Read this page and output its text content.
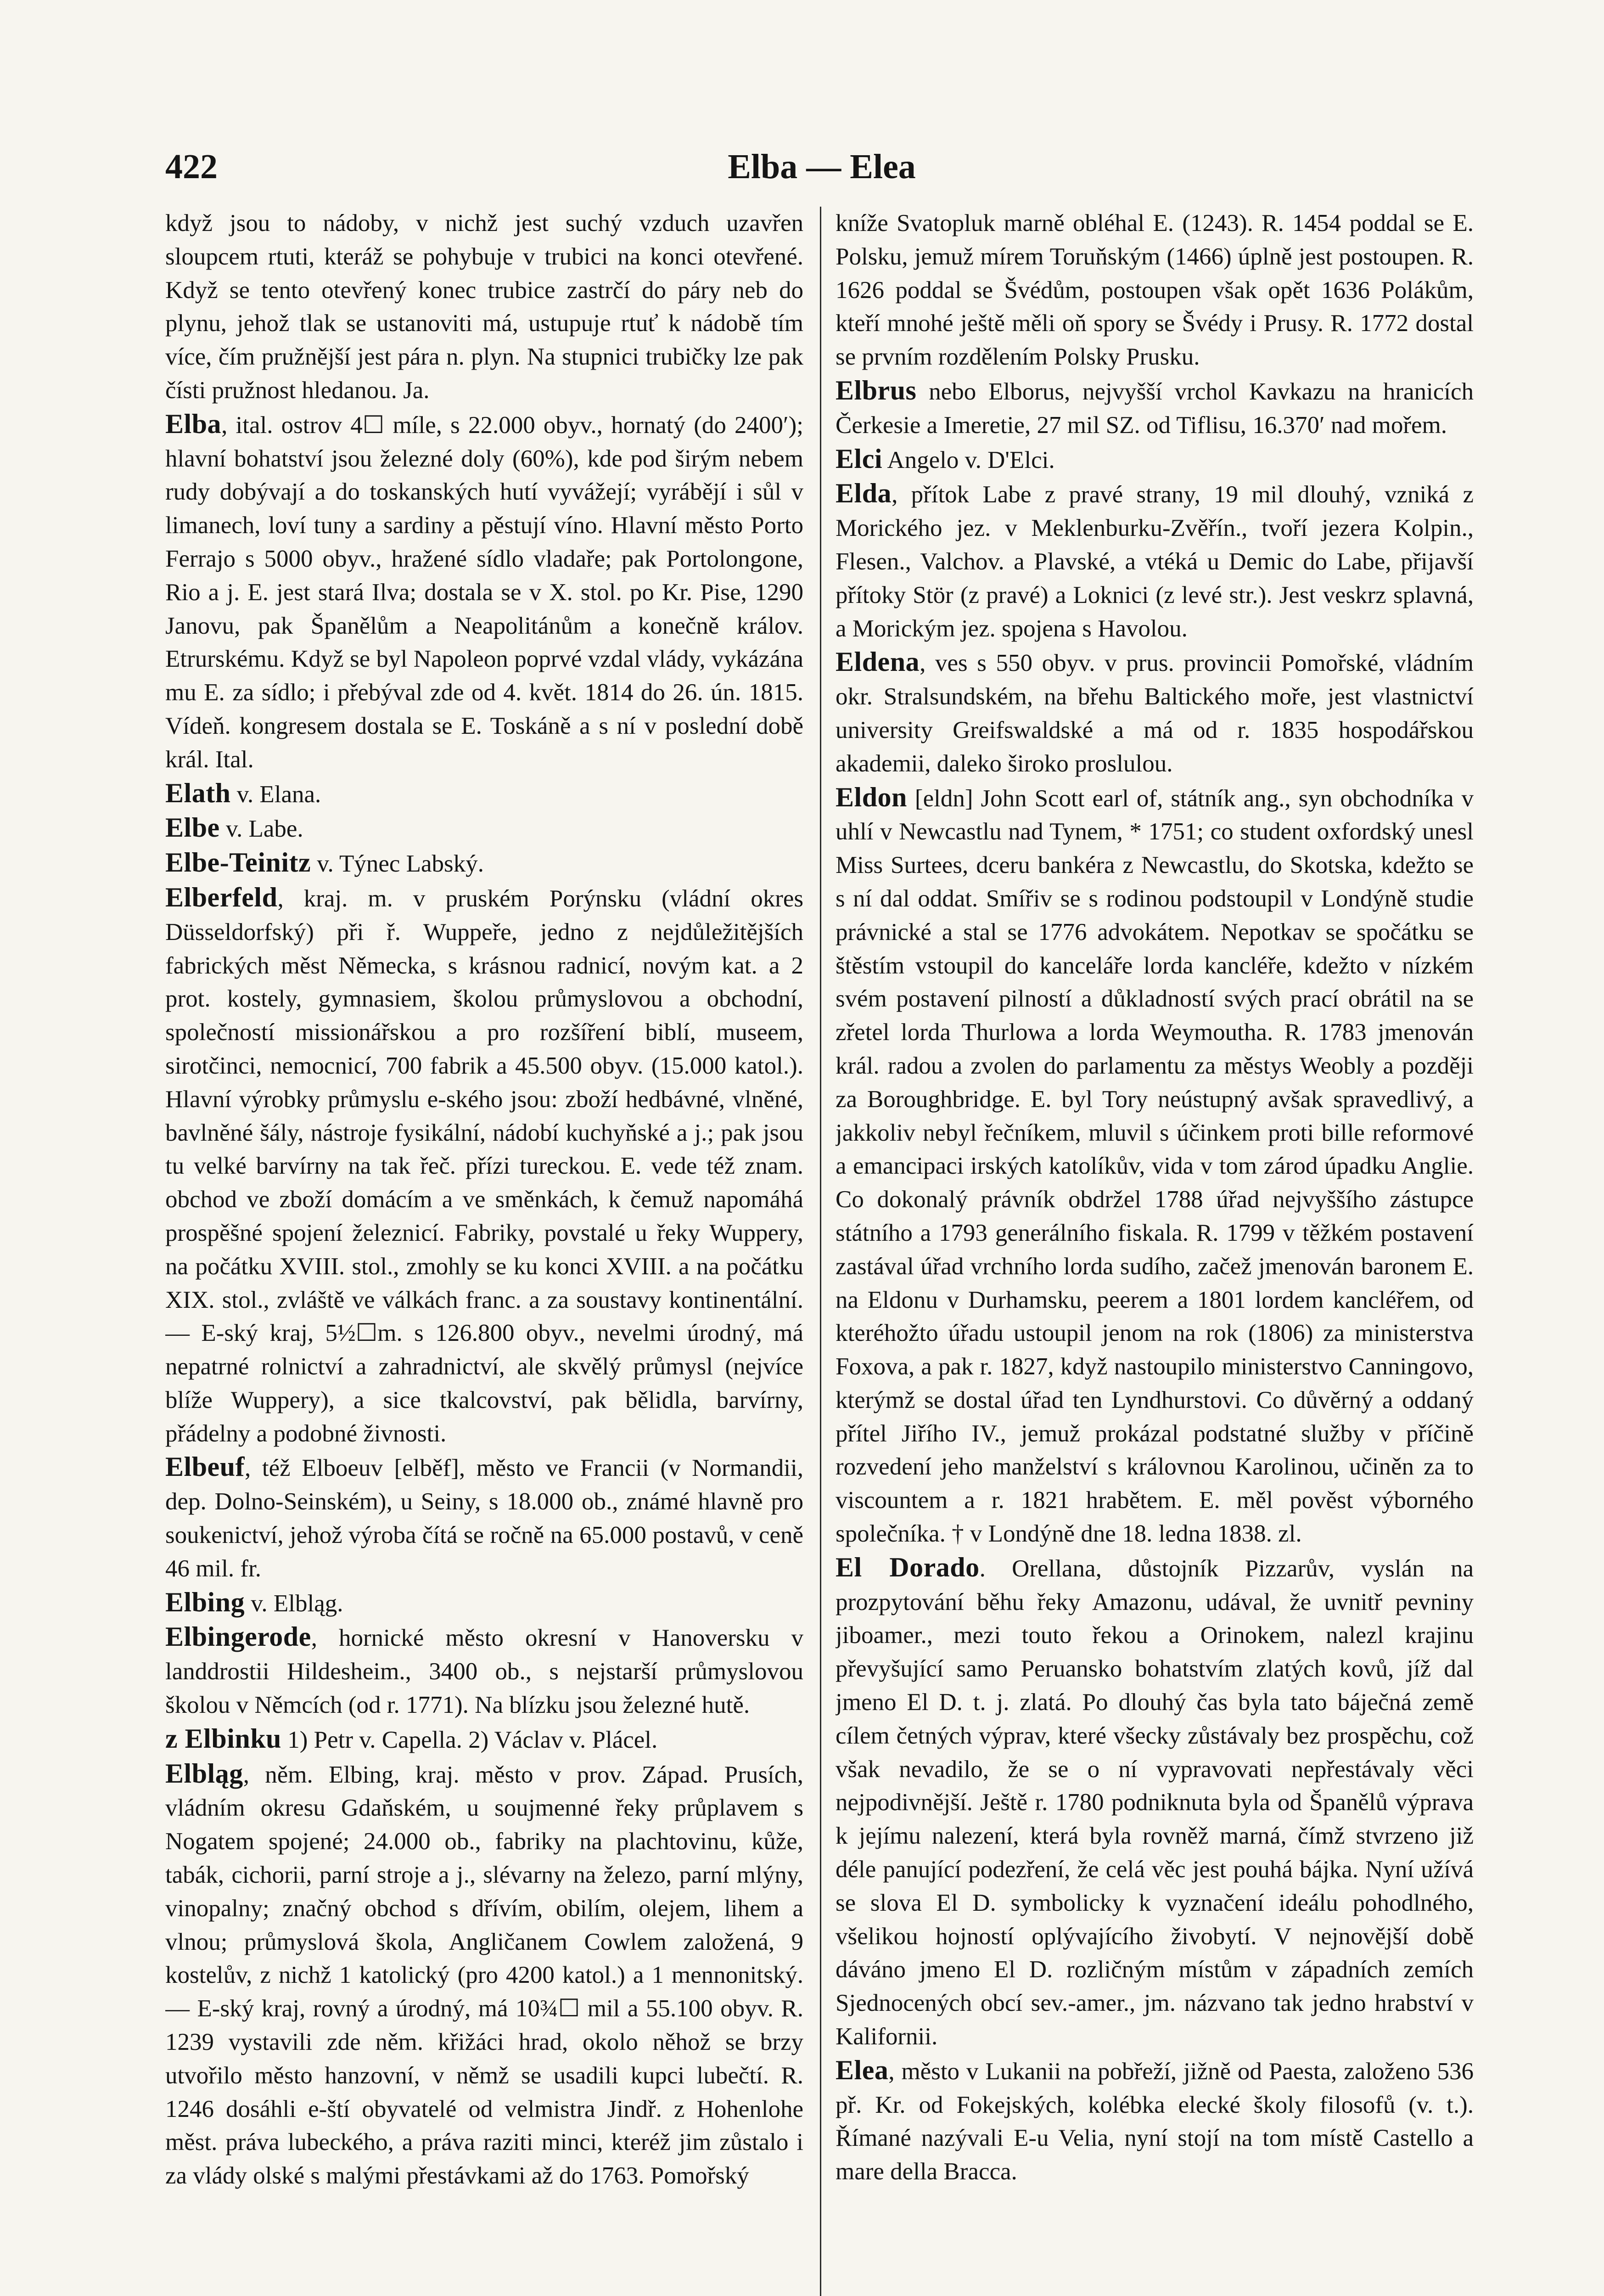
422	Elba — Elea

když jsou to nádoby, v nichž jest suchý vzduch uzavřen sloupcem rtuti, kteráž se pohybuje v trubici na konci otevřené. Když se tento otevřený konec trubice zastrčí do páry neb do plynu, jehož tlak se ustanoviti má, ustupuje rtuť k nádobě tím více, čím pružnější jest pára n. plyn. Na stupnici trubičky lze pak čísti pružnost hledanou. Ja.

Elba, ital. ostrov 4☐ míle, s 22.000 obyv., hornatý (do 2400′); hlavní bohatství jsou železné doly (60%), kde pod širým nebem rudy dobývají a do toskanských hutí vyvážejí; vyrábějí i sůl v limanech, loví tuny a sardiny a pěstují víno. Hlavní město Porto Ferrajo s 5000 obyv., hražené sídlo vladaře; pak Portolongone, Rio a j. E. jest stará Ilva; dostala se v X. stol. po Kr. Pise, 1290 Janovu, pak Španělům a Neapolitánům a konečně králov. Etrurskému. Když se byl Napoleon poprvé vzdal vlády, vykázána mu E. za sídlo; i přebýval zde od 4. květ. 1814 do 26. ún. 1815. Vídeň. kongresem dostala se E. Toskáně a s ní v poslední době král. Ital.

Elath v. Elana.

Elbe v. Labe.

Elbe-Teinitz v. Týnec Labský.

Elberfeld, kraj. m. v pruském Porýnsku (vládní okres Düsseldorfský) při ř. Wuppeře, jedno z nejdůležitějších fabrických měst Německa, s krásnou radnicí, novým kat. a 2 prot. kostely, gymnasiem, školou průmyslovou a obchodní, společností missionářskou a pro rozšíření biblí, museem, sirotčinci, nemocnicí, 700 fabrik a 45.500 obyv. (15.000 katol.). Hlavní výrobky průmyslu e-ského jsou: zboží hedbávné, vlněné, bavlněné šály, nástroje fysikální, nádobí kuchyňské a j.; pak jsou tu velké barvírny na tak řeč. přízi tureckou. E. vede též znam. obchod ve zboží domácím a ve směnkách, k čemuž napomáhá prospěšné spojení železnicí. Fabriky, povstalé u řeky Wuppery, na počátku XVIII. stol., zmohly se ku konci XVIII. a na počátku XIX. stol., zvláště ve válkách franc. a za soustavy kontinentální. — E-ský kraj, 5½☐m. s 126.800 obyv., nevelmi úrodný, má nepatrné rolnictví a zahradnictví, ale skvělý průmysl (nejvíce blíže Wuppery), a sice tkalcovství, pak bělidla, barvírny, přádelny a podobné živnosti.

Elbeuf, též Elboeuv [elběf], město ve Francii (v Normandii, dep. Dolno-Seinském), u Seiny, s 18.000 ob., známé hlavně pro soukenictví, jehož výroba čítá se ročně na 65.000 postavů, v ceně 46 mil. fr.

Elbing v. Elbląg.

Elbingerode, hornické město okresní v Hanoversku v landdrostii Hildesheim., 3400 ob., s nejstarší průmyslovou školou v Němcích (od r. 1771). Na blízku jsou železné hutě.

z Elbinku 1) Petr v. Capella. 2) Václav v. Plácel.

Elbląg, něm. Elbing, kraj. město v prov. Západ. Prusích, vládním okresu Gdaňském, u soujmenné řeky průplavem s Nogatem spojené; 24.000 ob., fabriky na plachtovinu, kůže, tabák, cichorii, parní stroje a j., slévarny na železo, parní mlýny, vinopalny; značný obchod s dřívím, obilím, olejem, lihem a vlnou; průmyslová škola, Angličanem Cowlem založená, 9 kostelův, z nichž 1 katolický (pro 4200 katol.) a 1 mennonitský. — E-ský kraj, rovný a úrodný, má 10¾☐ mil a 55.100 obyv. R. 1239 vystavili zde něm. křižáci hrad, okolo něhož se brzy utvořilo město hanzovní, v němž se usadili kupci lubečtí. R. 1246 dosáhli e-ští obyvatelé od velmistra Jindř. z Hohenlohe měst. práva lubeckého, a práva raziti minci, kteréž jim zůstalo i za vlády olské s malými přestávkami až do 1763. Pomořský

kníže Svatopluk marně obléhal E. (1243). R. 1454 poddal se E. Polsku, jemuž mírem Toruňským (1466) úplně jest postoupen. R. 1626 poddal se Švédům, postoupen však opět 1636 Polákům, kteří mnohé ještě měli oň spory se Švédy i Prusy. R. 1772 dostal se prvním rozdělením Polsky Prusku.

Elbrus nebo Elborus, nejvyšší vrchol Kavkazu na hranicích Čerkesie a Imeretie, 27 mil SZ. od Tiflisu, 16.370′ nad mořem.

Elci Angelo v. D'Elci.

Elda, přítok Labe z pravé strany, 19 mil dlouhý, vzniká z Morického jez. v Meklenburku-Zvěřín., tvoří jezera Kolpin., Flesen., Valchov. a Plavské, a vtéká u Demic do Labe, přijavší přítoky Stör (z pravé) a Loknici (z levé str.). Jest veskrz splavná, a Morickým jez. spojena s Havolou.

Eldena, ves s 550 obyv. v prus. provincii Pomořské, vládním okr. Stralsundském, na břehu Baltického moře, jest vlastnictví university Greifswaldské a má od r. 1835 hospodářskou akademii, daleko široko proslulou.

Eldon [eldn] John Scott earl of, státník ang., syn obchodníka v uhlí v Newcastlu nad Tynem, * 1751; co student oxfordský unesl Miss Surtees, dceru bankéra z Newcastlu, do Skotska, kdežto se s ní dal oddat. Smířiv se s rodinou podstoupil v Londýně studie právnické a stal se 1776 advokátem. Nepotkav se spočátku se štěstím vstoupil do kanceláře lorda kancléře, kdežto v nízkém svém postavení pilností a důkladností svých prací obrátil na se zřetel lorda Thurlowa a lorda Weymouthа. R. 1783 jmenován král. radou a zvolen do parlamentu za městys Weobly a později za Boroughbridge. E. byl Tory neústupný avšak spravedlivý, a jakkoliv nebyl řečníkem, mluvil s účinkem proti bille reformové a emancipaci irských katolíkův, vida v tom zárod úpadku Anglie. Co dokonalý právník obdržel 1788 úřad nejvyššího zástupce státního a 1793 generálního fiskala. R. 1799 v těžkém postavení zastával úřad vrchního lorda sudího, začež jmenován baronem E. na Eldonu v Durhamsku, peerem a 1801 lordem kancléřem, od kteréhožto úřadu ustoupil jenom na rok (1806) za ministerstva Foxova, a pak r. 1827, když nastoupilo ministerstvo Canningovo, kterýmž se dostal úřad ten Lyndhurstovi. Co důvěrný a oddaný přítel Jiřího IV., jemuž prokázal podstatné služby v příčině rozvedení jeho manželství s královnou Karolinou, učiněn za to viscountem a r. 1821 hrabětem. E. měl pověst výborného společníka. † v Londýně dne 18. ledna 1838. zl.

El Dorado. Orellana, důstojník Pizzarův, vyslán na prozpytování běhu řeky Amazonu, udával, že uvnitř pevniny jiboamer., mezi touto řekou a Orinokem, nalezl krajinu převyšující samo Peruansko bohatstvím zlatých kovů, jíž dal jmeno El D. t. j. zlatá. Po dlouhý čas byla tato báječná země cílem četných výprav, které všecky zůstávaly bez prospěchu, což však nevadilo, že se o ní vypravovati nepřestávaly věci nejpodivnější. Ještě r. 1780 podniknuta byla od Španělů výprava k jejímu nalezení, která byla rovněž marná, čímž stvrzeno již déle panující podezření, že celá věc jest pouhá bájka. Nyní užívá se slova El D. symbolicky k vyznačení ideálu pohodlného, všelikou hojností oplývajícího živobytí. V nejnovější době dáváno jmeno El D. rozličným místům v západních zemích Sjednocených obcí sev.-amer., jm. názvano tak jedno hrabství v Kalifornii.

Elea, město v Lukanii na pobřeží, jižně od Paesta, založeno 536 př. Kr. od Fokejských, kolébka elecké školy filosofů (v. t.). Římané nazývali E-u Velia, nyní stojí na tom místě Castello a mare della Bracca.
